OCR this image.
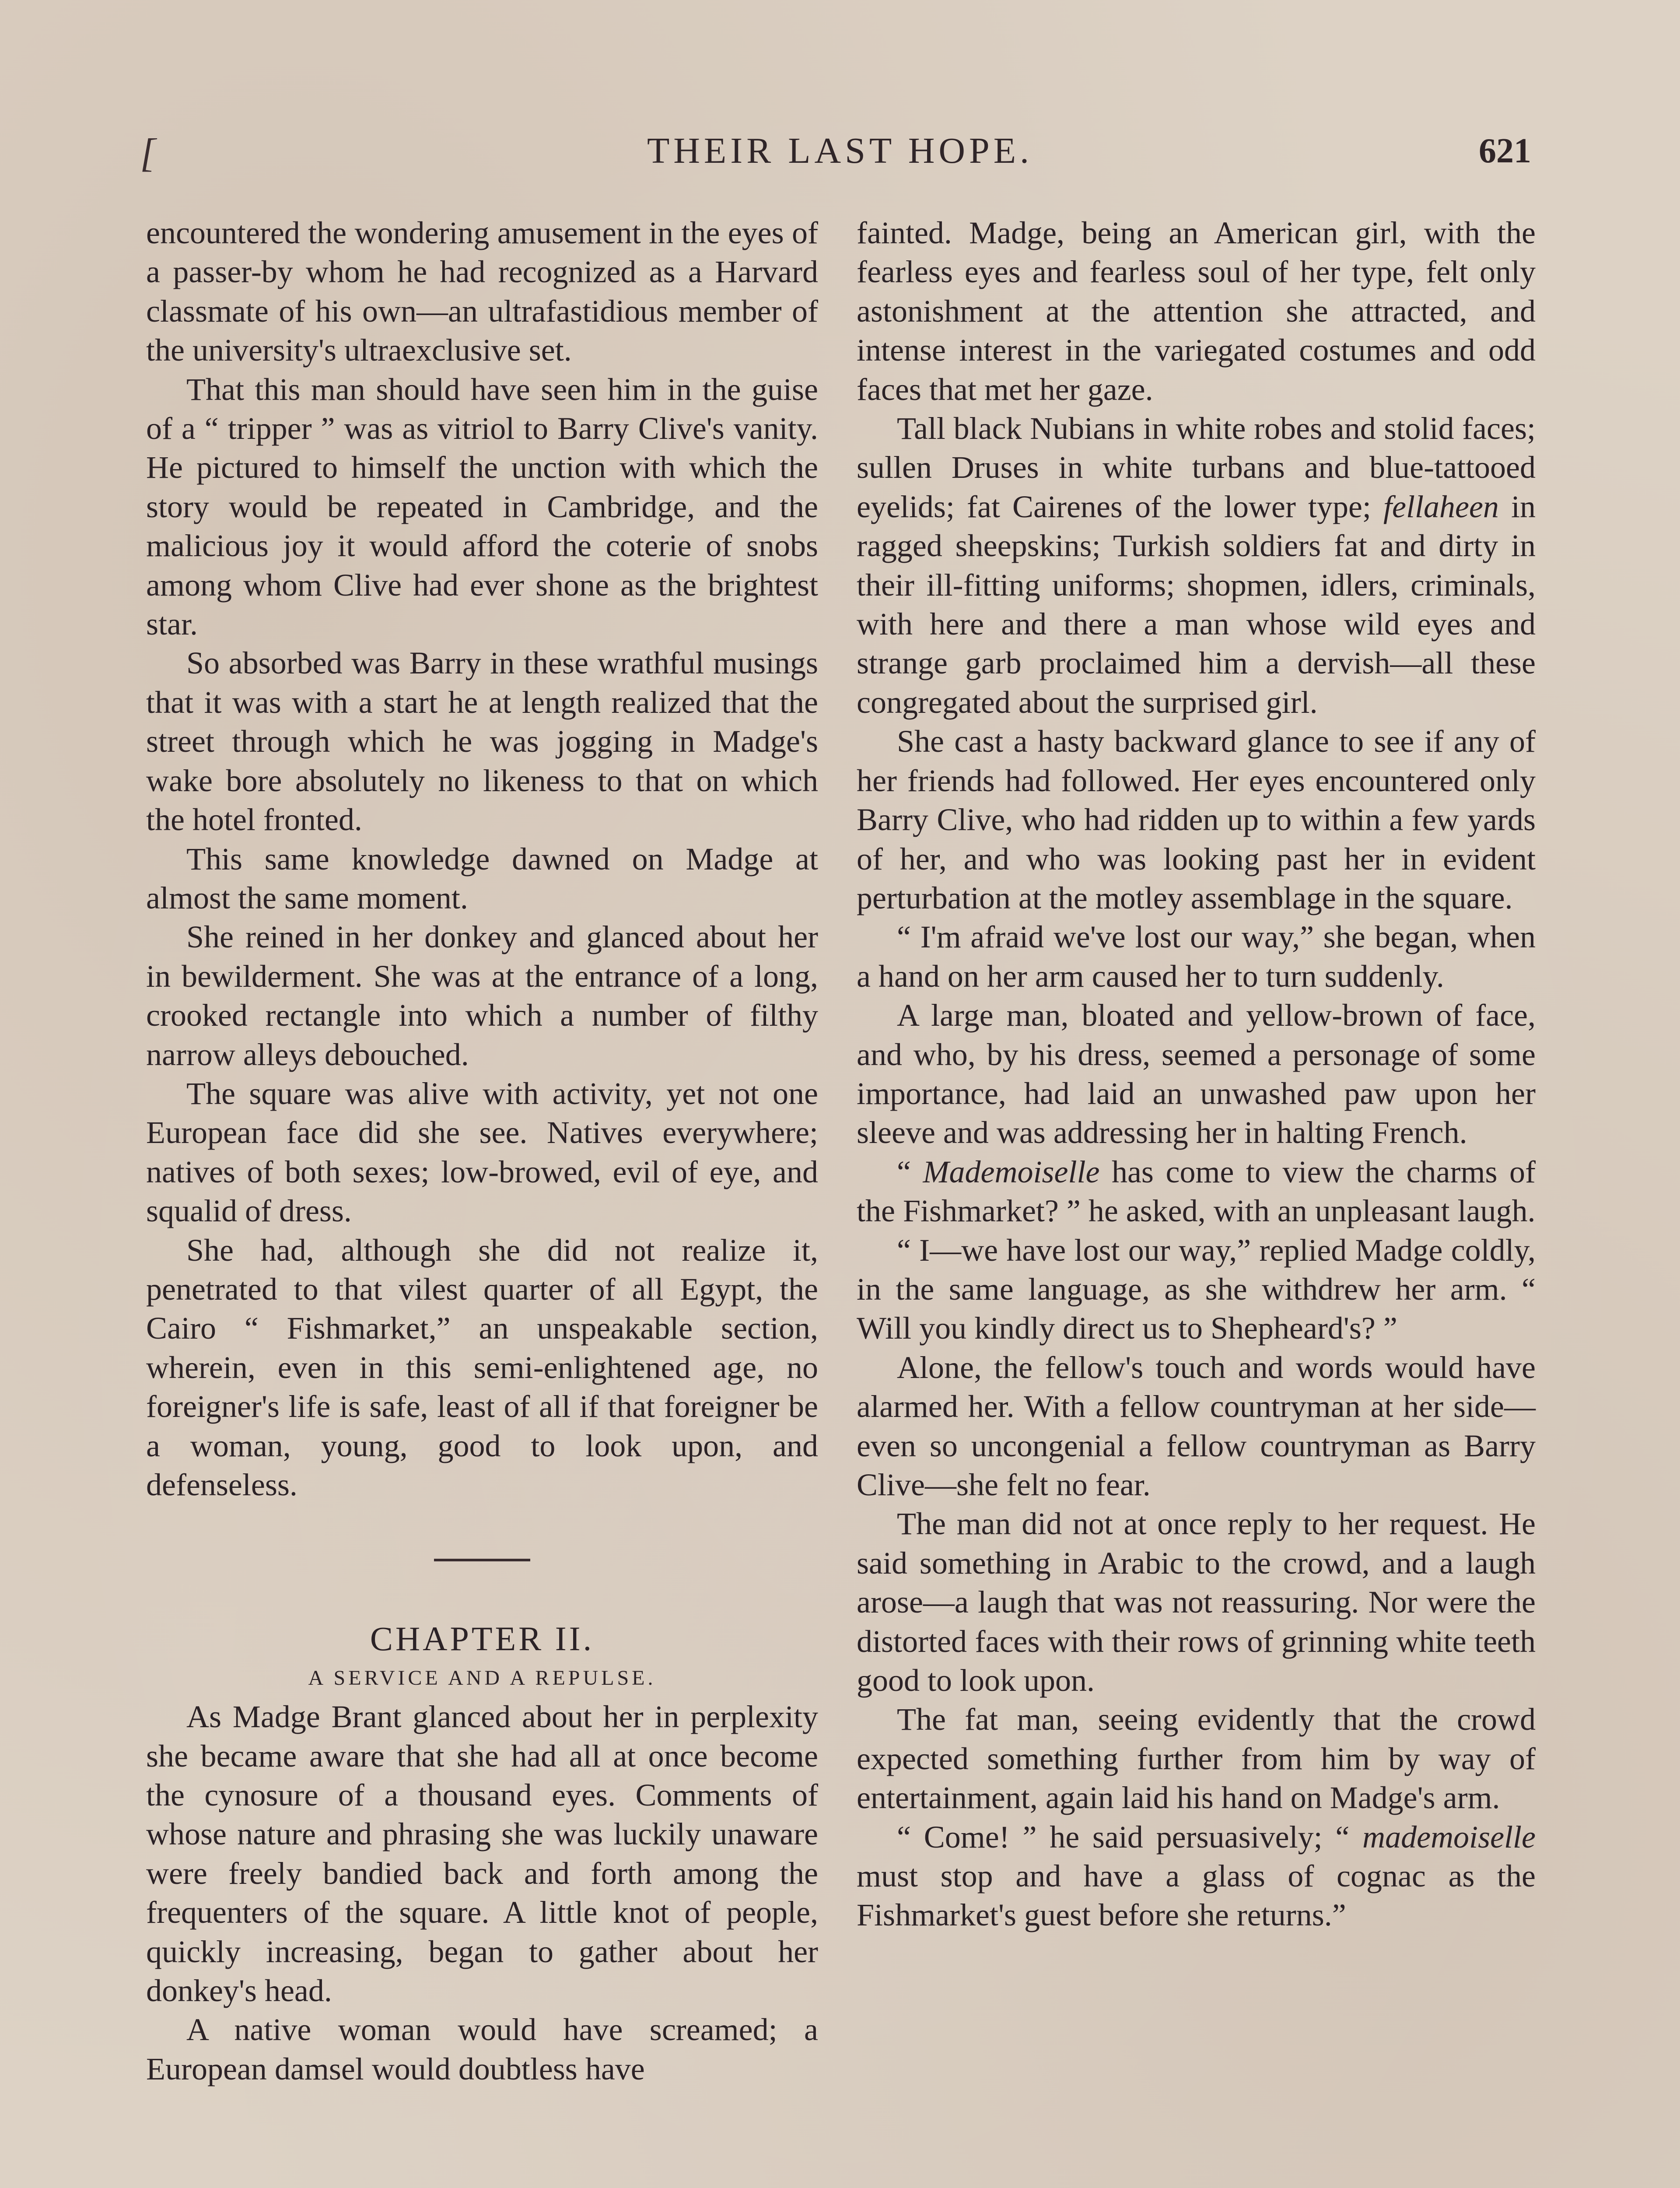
[	THEIR LAST HOPE.	621

encountered the wondering amusement in the eyes of a passer-by whom he had recognized as a Harvard classmate of his own—an ultrafastidious member of the university's ultraexclusive set.

That this man should have seen him in the guise of a “ tripper ” was as vitriol to Barry Clive's vanity. He pictured to himself the unction with which the story would be repeated in Cambridge, and the malicious joy it would afford the coterie of snobs among whom Clive had ever shone as the brightest star.

So absorbed was Barry in these wrathful musings that it was with a start he at length realized that the street through which he was jogging in Madge's wake bore absolutely no likeness to that on which the hotel fronted.

This same knowledge dawned on Madge at almost the same moment.

She reined in her donkey and glanced about her in bewilderment. She was at the entrance of a long, crooked rectangle into which a number of filthy narrow alleys debouched.

The square was alive with activity, yet not one European face did she see. Natives everywhere; natives of both sexes; low-browed, evil of eye, and squalid of dress.

She had, although she did not realize it, penetrated to that vilest quarter of all Egypt, the Cairo “ Fishmarket,” an unspeakable section, wherein, even in this semi-enlightened age, no foreigner's life is safe, least of all if that foreigner be a woman, young, good to look upon, and defenseless.

CHAPTER II.

A SERVICE AND A REPULSE.

As Madge Brant glanced about her in perplexity she became aware that she had all at once become the cynosure of a thousand eyes. Comments of whose nature and phrasing she was luckily unaware were freely bandied back and forth among the frequenters of the square. A little knot of people, quickly increasing, began to gather about her donkey's head.

A native woman would have screamed; a European damsel would doubtless have

fainted. Madge, being an American girl, with the fearless eyes and fearless soul of her type, felt only astonishment at the attention she attracted, and intense interest in the variegated costumes and odd faces that met her gaze.

Tall black Nubians in white robes and stolid faces; sullen Druses in white turbans and blue-tattooed eyelids; fat Cairenes of the lower type; fellaheen in ragged sheepskins; Turkish soldiers fat and dirty in their ill-fitting uniforms; shopmen, idlers, criminals, with here and there a man whose wild eyes and strange garb proclaimed him a dervish—all these congregated about the surprised girl.

She cast a hasty backward glance to see if any of her friends had followed. Her eyes encountered only Barry Clive, who had ridden up to within a few yards of her, and who was looking past her in evident perturbation at the motley assemblage in the square.

“ I'm afraid we've lost our way,” she began, when a hand on her arm caused her to turn suddenly.

A large man, bloated and yellow-brown of face, and who, by his dress, seemed a personage of some importance, had laid an unwashed paw upon her sleeve and was addressing her in halting French.

“ Mademoiselle has come to view the charms of the Fishmarket? ” he asked, with an unpleasant laugh.

“ I—we have lost our way,” replied Madge coldly, in the same language, as she withdrew her arm. “ Will you kindly direct us to Shepheard's? ”

Alone, the fellow's touch and words would have alarmed her. With a fellow countryman at her side—even so uncongenial a fellow countryman as Barry Clive—she felt no fear.

The man did not at once reply to her request. He said something in Arabic to the crowd, and a laugh arose—a laugh that was not reassuring. Nor were the distorted faces with their rows of grinning white teeth good to look upon.

The fat man, seeing evidently that the crowd expected something further from him by way of entertainment, again laid his hand on Madge's arm.

“ Come! ” he said persuasively; “ mademoiselle must stop and have a glass of cognac as the Fishmarket's guest before she returns.”
